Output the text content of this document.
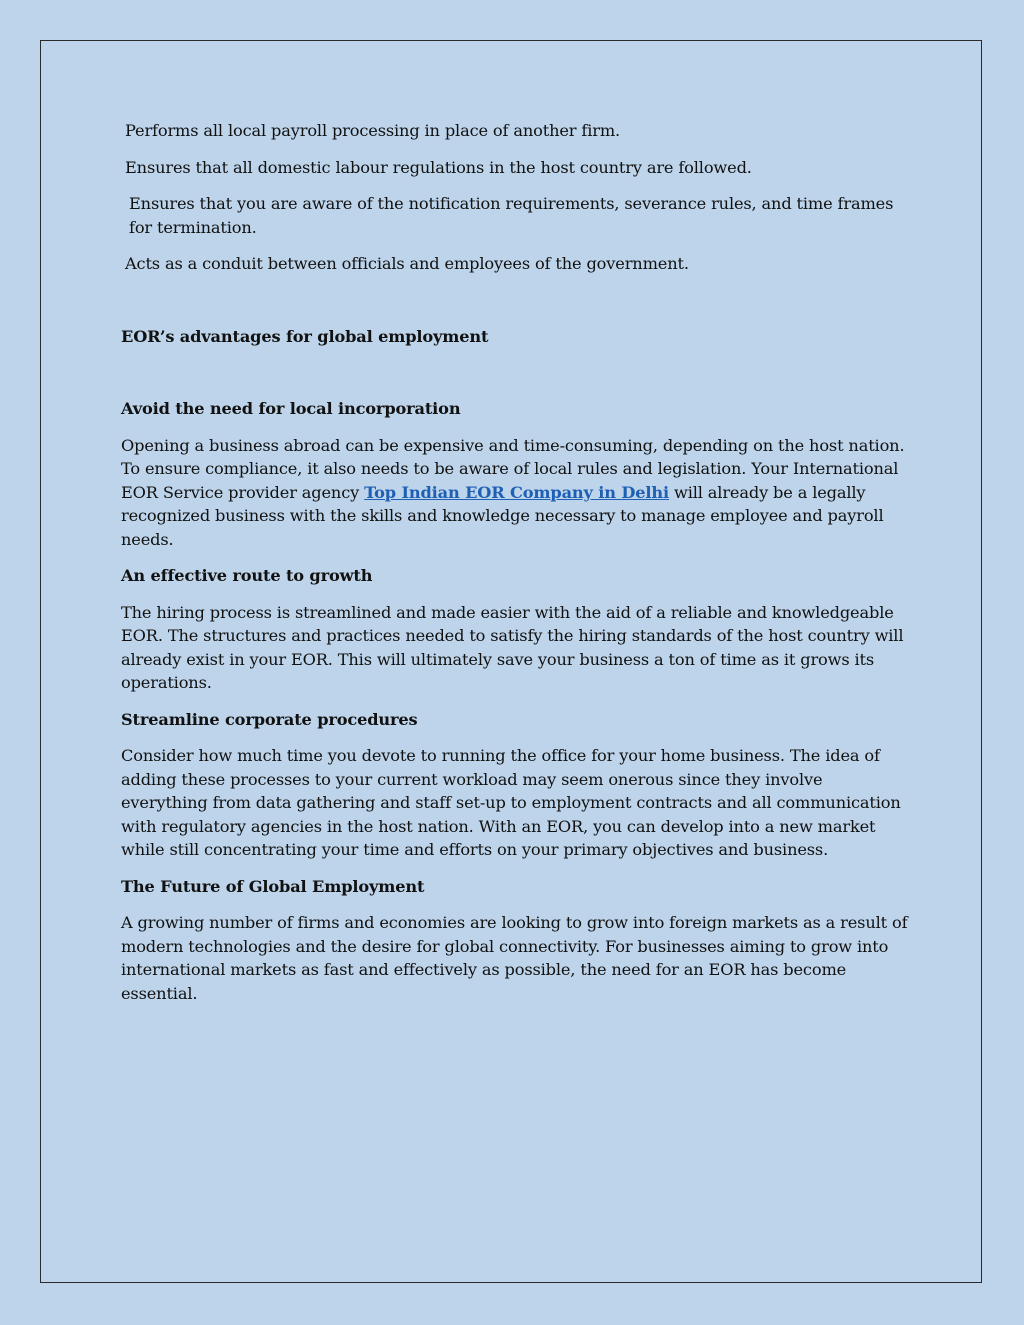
Performs all local payroll processing in place of another firm.

Ensures that all domestic labour regulations in the host country are followed.

Ensures that you are aware of the notification requirements, severance rules, and time frames for termination.

Acts as a conduit between officials and employees of the government.

EOR’s advantages for global employment
Avoid the need for local incorporation

Opening a business abroad can be expensive and time-consuming, depending on the host nation. To ensure compliance, it also needs to be aware of local rules and legislation. Your International EOR Service provider agency Top Indian EOR Company in Delhi will already be a legally recognized business with the skills and knowledge necessary to manage employee and payroll needs.

An effective route to growth

The hiring process is streamlined and made easier with the aid of a reliable and knowledgeable EOR. The structures and practices needed to satisfy the hiring standards of the host country will already exist in your EOR. This will ultimately save your business a ton of time as it grows its operations.

Streamline corporate procedures

Consider how much time you devote to running the office for your home business. The idea of adding these processes to your current workload may seem onerous since they involve everything from data gathering and staff set-up to employment contracts and all communication with regulatory agencies in the host nation. With an EOR, you can develop into a new market while still concentrating your time and efforts on your primary objectives and business.

The Future of Global Employment

A growing number of firms and economies are looking to grow into foreign markets as a result of modern technologies and the desire for global connectivity. For businesses aiming to grow into international markets as fast and effectively as possible, the need for an EOR has become essential.
